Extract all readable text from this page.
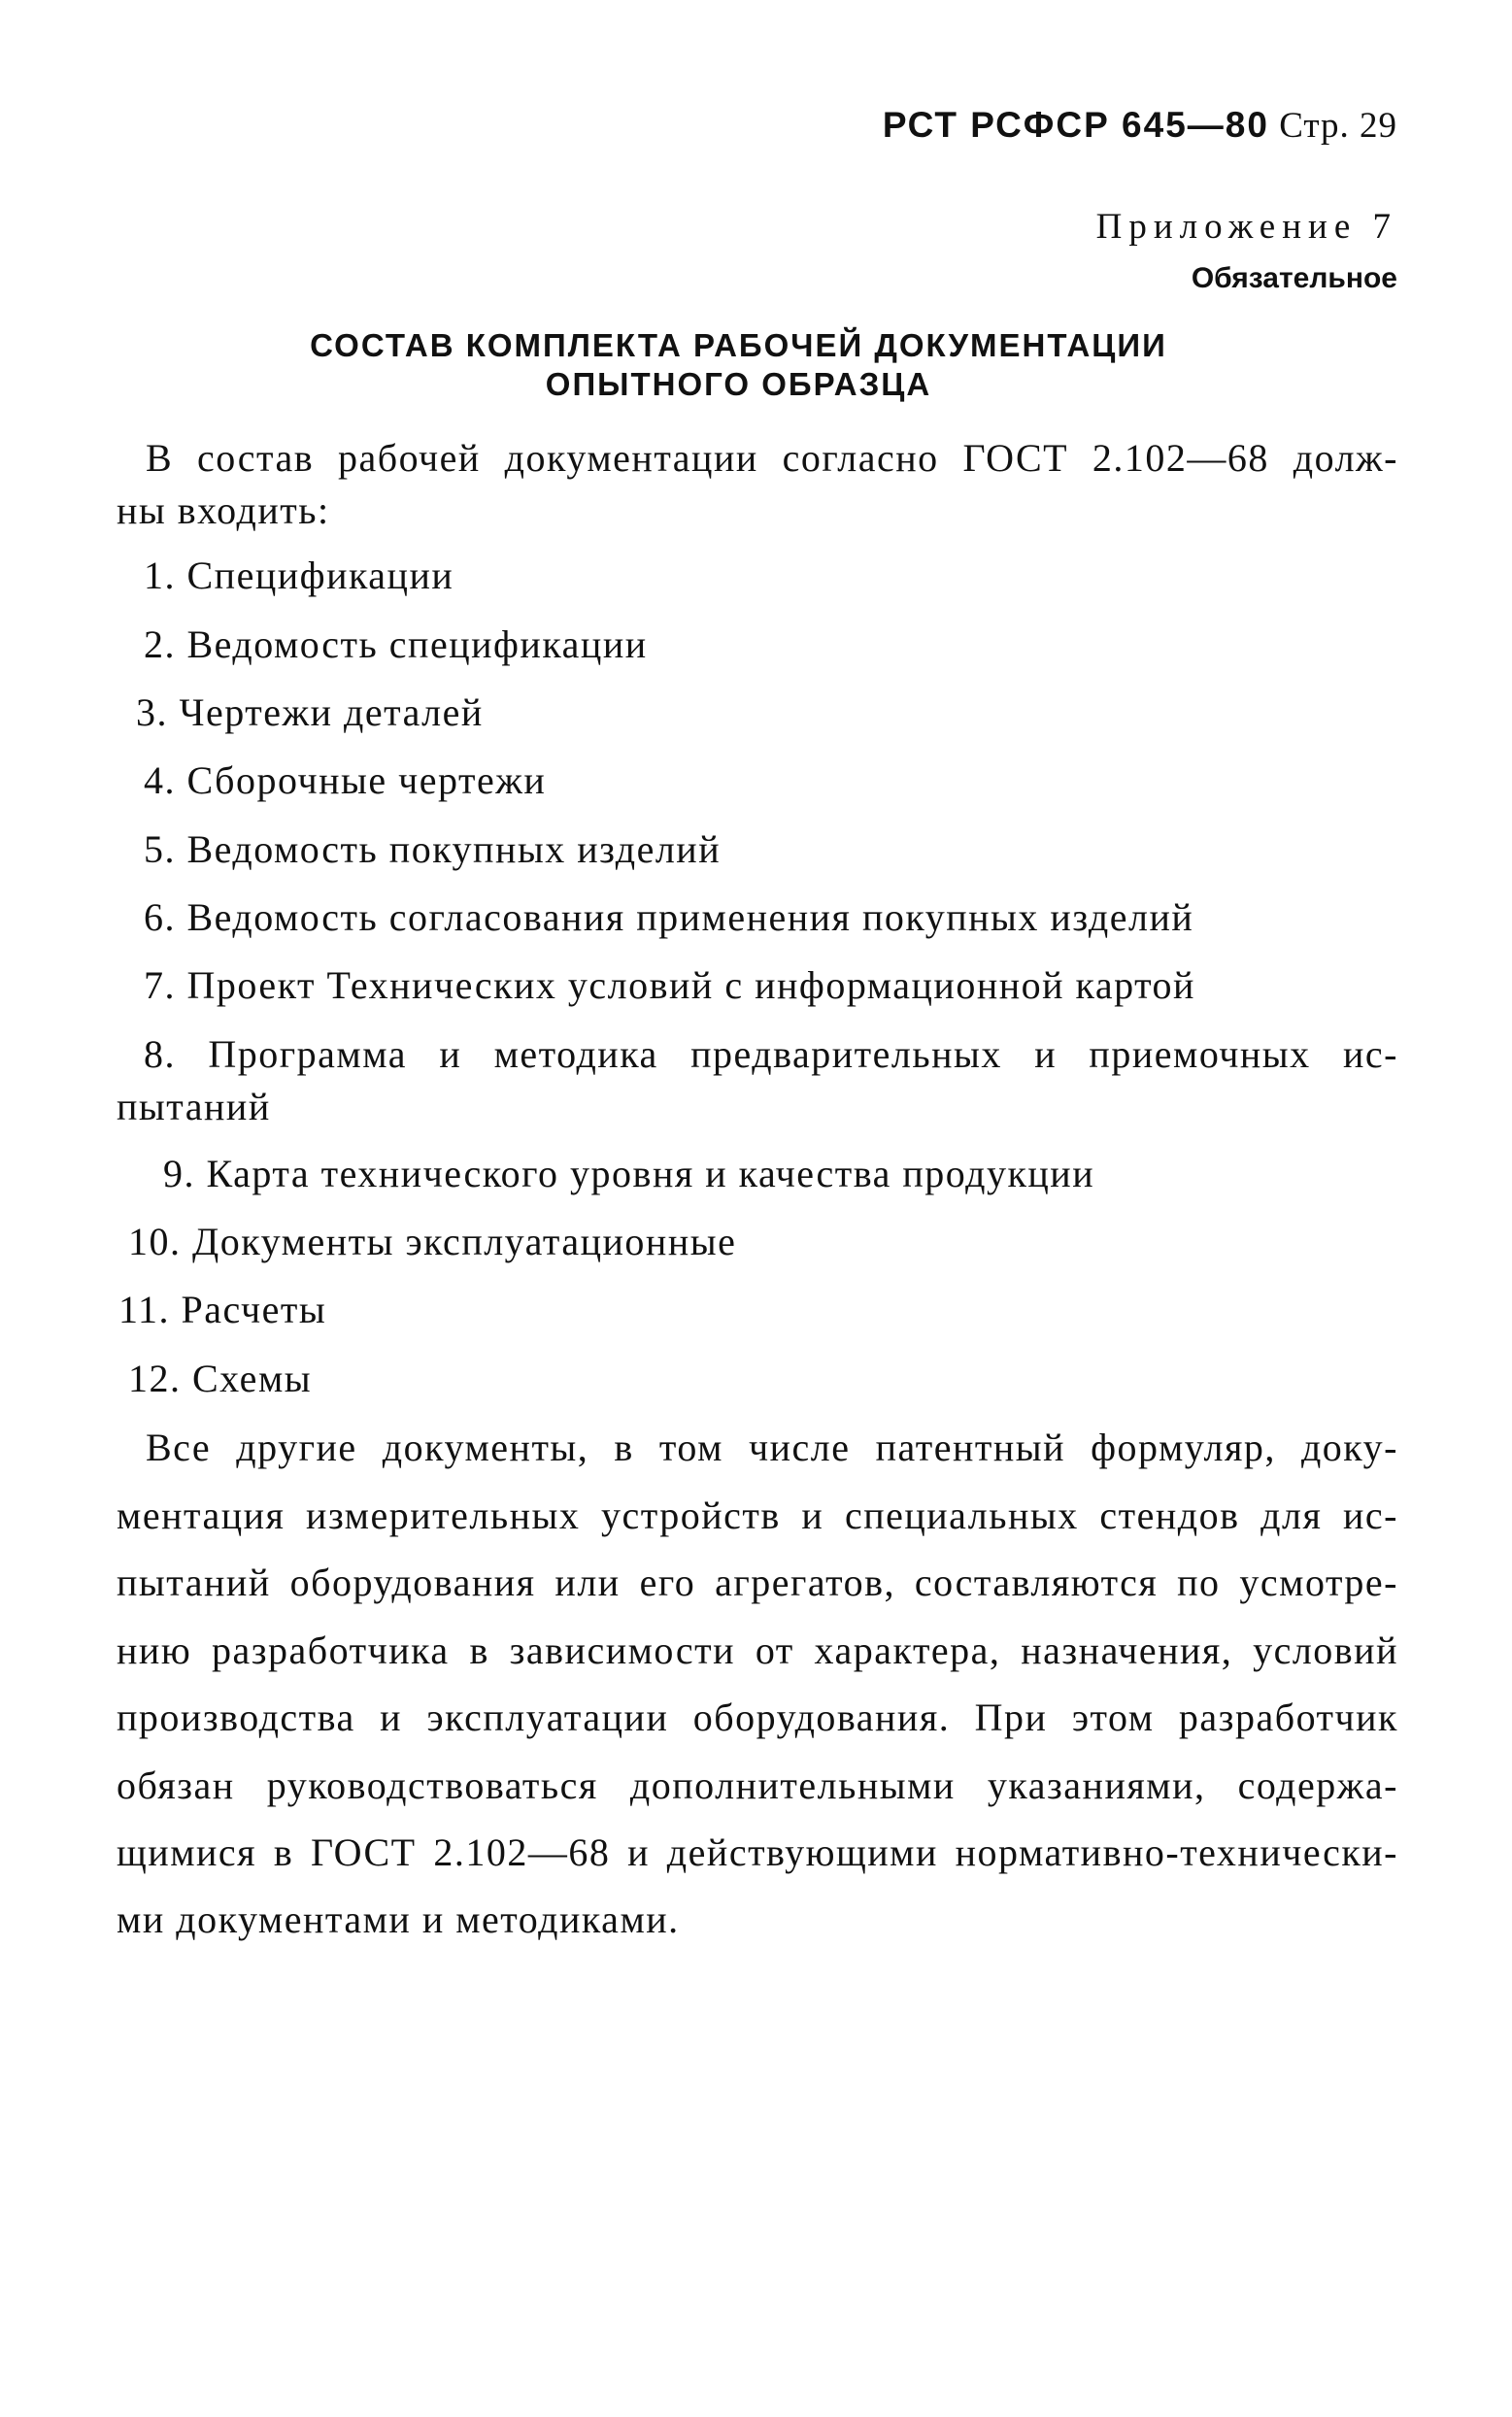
РСТ РСФСР 645—80 Стр. 29
Приложение 7
Обязательное
СОСТАВ КОМПЛЕКТА РАБОЧЕЙ ДОКУМЕНТАЦИИ
ОПЫТНОГО ОБРАЗЦА
В состав рабочей документации согласно ГОСТ 2.102—68 долж-
ны входить:
1. Спецификации
2. Ведомость спецификации
3. Чертежи деталей
4. Сборочные чертежи
5. Ведомость покупных изделий
6. Ведомость согласования применения покупных изделий
7. Проект Технических условий с информационной картой
8. Программа и методика предварительных и приемочных ис-
пытаний
9. Карта технического уровня и качества продукции
10. Документы эксплуатационные
11. Расчеты
12. Схемы
Все другие документы, в том числе патентный формуляр, доку-
ментация измерительных устройств и специальных стендов для ис-
пытаний оборудования или его агрегатов, составляются по усмотре-
нию разработчика в зависимости от характера, назначения, условий
производства и эксплуатации оборудования. При этом разработчик
обязан руководствоваться дополнительными указаниями, содержа-
щимися в ГОСТ 2.102—68 и действующими нормативно-технически-
ми документами и методиками.
